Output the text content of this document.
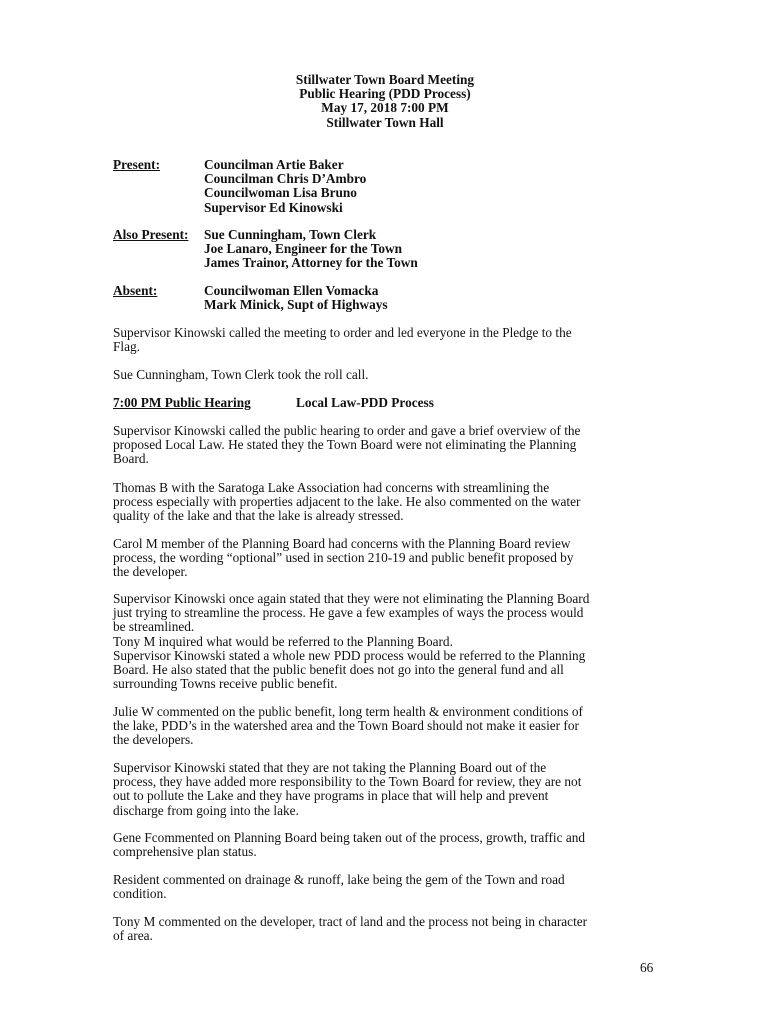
Stillwater Town Board Meeting
Public Hearing (PDD Process)
May 17, 2018 7:00 PM
Stillwater Town Hall
Present:	Councilman Artie Baker
Councilman Chris D’Ambro
Councilwoman Lisa Bruno
Supervisor Ed Kinowski
Also Present: Sue Cunningham, Town Clerk
Joe Lanaro, Engineer for the Town
James Trainor, Attorney for the Town
Absent:	Councilwoman Ellen Vomacka
Mark Minick, Supt of Highways
Supervisor Kinowski called the meeting to order and led everyone in the Pledge to the
Flag.
Sue Cunningham, Town Clerk took the roll call.
7:00 PM Public Hearing	Local Law-PDD Process
Supervisor Kinowski called the public hearing to order and gave a brief overview of the
proposed Local Law. He stated they the Town Board were not eliminating the Planning
Board.
Thomas B with the Saratoga Lake Association had concerns with streamlining the
process especially with properties adjacent to the lake. He also commented on the water
quality of the lake and that the lake is already stressed.
Carol M member of the Planning Board had concerns with the Planning Board review
process, the wording “optional” used in section 210-19 and public benefit proposed by
the developer.
Supervisor Kinowski once again stated that they were not eliminating the Planning Board
just trying to streamline the process. He gave a few examples of ways the process would
be streamlined.
Tony M inquired what would be referred to the Planning Board.
Supervisor Kinowski stated a whole new PDD process would be referred to the Planning
Board. He also stated that the public benefit does not go into the general fund and all
surrounding Towns receive public benefit.
Julie W commented on the public benefit, long term health & environment conditions of
the lake, PDD’s in the watershed area and the Town Board should not make it easier for
the developers.
Supervisor Kinowski stated that they are not taking the Planning Board out of the
process, they have added more responsibility to the Town Board for review, they are not
out to pollute the Lake and they have programs in place that will help and prevent
discharge from going into the lake.
Gene Fcommented on Planning Board being taken out of the process, growth, traffic and
comprehensive plan status.
Resident commented on drainage & runoff, lake being the gem of the Town and road
condition.
Tony M commented on the developer, tract of land and the process not being in character
of area.
66
